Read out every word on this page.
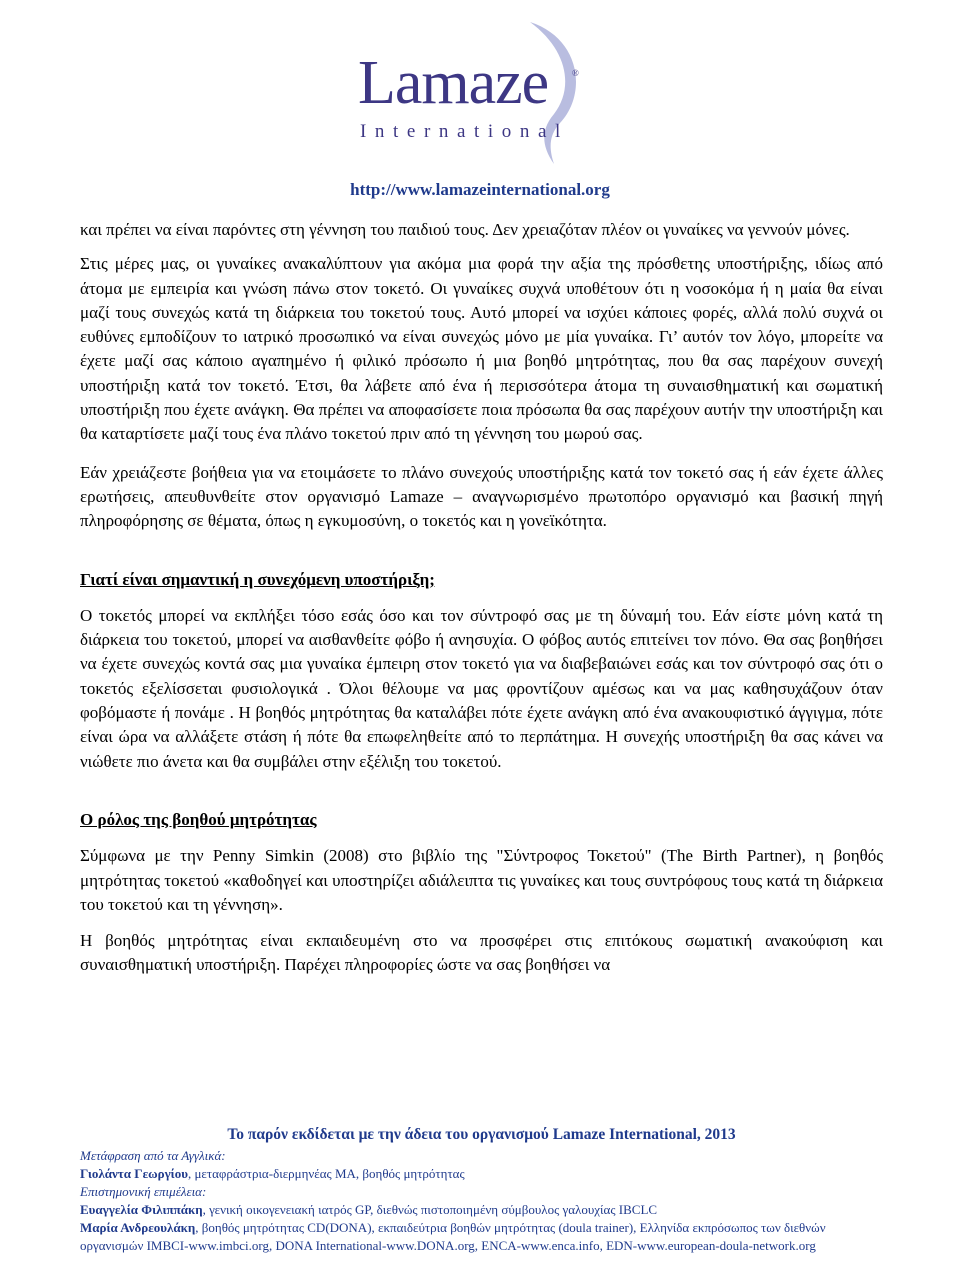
Lamaze	®
International
http://www.lamazeinternational.org

και πρέπει να είναι παρόντες στη γέννηση του παιδιού τους. Δεν χρειαζόταν πλέον οι γυναίκες να γεννούν μόνες.

Στις μέρες μας, οι γυναίκες ανακαλύπτουν για ακόμα μια φορά την αξία της πρόσθετης υποστήριξης, ιδίως από άτομα με εμπειρία και γνώση πάνω στον τοκετό. Οι γυναίκες συχνά υποθέτουν ότι η νοσοκόμα ή η μαία θα είναι μαζί τους συνεχώς κατά τη διάρκεια του τοκετού τους. Αυτό μπορεί να ισχύει κάποιες φορές, αλλά πολύ συχνά οι ευθύνες εμποδίζουν το ιατρικό προσωπικό να είναι συνεχώς μόνο με μία γυναίκα. Γι’ αυτόν τον λόγο, μπορείτε να έχετε μαζί σας κάποιο αγαπημένο ή φιλικό πρόσωπο ή μια βοηθό μητρότητας, που θα σας παρέχουν συνεχή υποστήριξη κατά τον τοκετό. Έτσι, θα λάβετε από ένα ή περισσότερα άτομα τη συναισθηματική και σωματική υποστήριξη που έχετε ανάγκη. Θα πρέπει να αποφασίσετε ποια πρόσωπα θα σας παρέχουν αυτήν την υποστήριξη και θα καταρτίσετε μαζί τους ένα πλάνο τοκετού πριν από τη γέννηση του μωρού σας.

Εάν χρειάζεστε βοήθεια για να ετοιμάσετε το πλάνο συνεχούς υποστήριξης κατά τον τοκετό σας ή εάν έχετε άλλες ερωτήσεις, απευθυνθείτε στον οργανισμό Lamaze – αναγνωρισμένο πρωτοπόρο οργανισμό και βασική πηγή πληροφόρησης σε θέματα, όπως η εγκυμοσύνη, ο τοκετός και η γονεϊκότητα.

Γιατί είναι σημαντική η συνεχόμενη υποστήριξη;

Ο τοκετός μπορεί να εκπλήξει τόσο εσάς όσο και τον σύντροφό σας με τη δύναμή του. Εάν είστε μόνη κατά τη διάρκεια του τοκετού, μπορεί να αισθανθείτε φόβο ή ανησυχία. Ο φόβος αυτός επιτείνει τον πόνο. Θα σας βοηθήσει να έχετε συνεχώς κοντά σας μια γυναίκα έμπειρη στον τοκετό για να διαβεβαιώνει εσάς και τον σύντροφό σας ότι ο τοκετός εξελίσσεται φυσιολογικά . Όλοι θέλουμε να μας φροντίζουν αμέσως και να μας καθησυχάζουν όταν φοβόμαστε ή πονάμε . Η βοηθός μητρότητας θα καταλάβει πότε έχετε ανάγκη από ένα ανακουφιστικό άγγιγμα, πότε είναι ώρα να αλλάξετε στάση ή πότε θα επωφεληθείτε από το περπάτημα. Η συνεχής υποστήριξη θα σας κάνει να νιώθετε πιο άνετα και θα συμβάλει στην εξέλιξη του τοκετού.

Ο ρόλος της βοηθού μητρότητας

Σύμφωνα με την Penny Simkin (2008) στο βιβλίο της "Σύντροφος Τοκετού" (The Birth Partner), η βοηθός μητρότητας τοκετού «καθοδηγεί και υποστηρίζει αδιάλειπτα τις γυναίκες και τους συντρόφους τους κατά τη διάρκεια του τοκετού και τη γέννηση».

Η βοηθός μητρότητας είναι εκπαιδευμένη στο να προσφέρει στις επιτόκους σωματική ανακούφιση και συναισθηματική υποστήριξη. Παρέχει πληροφορίες ώστε να σας βοηθήσει να

Το παρόν εκδίδεται με την άδεια του οργανισμού Lamaze International, 2013
Μετάφραση από τα Αγγλικά:
Γιολάντα Γεωργίου, μεταφράστρια-διερμηνέας MA, βοηθός μητρότητας
Επιστημονική επιμέλεια:
Ευαγγελία Φιλιππάκη, γενική οικογενειακή ιατρός GP, διεθνώς πιστοποιημένη σύμβουλος γαλουχίας IBCLC
Μαρία Ανδρεουλάκη, βοηθός μητρότητας CD(DONA), εκπαιδεύτρια βοηθών μητρότητας (doula trainer), Ελληνίδα εκπρόσωπος των διεθνών
οργανισμών IMBCI-www.imbci.org, DONA International-www.DONA.org, ENCA-www.enca.info, EDN-www.european-doula-network.org
